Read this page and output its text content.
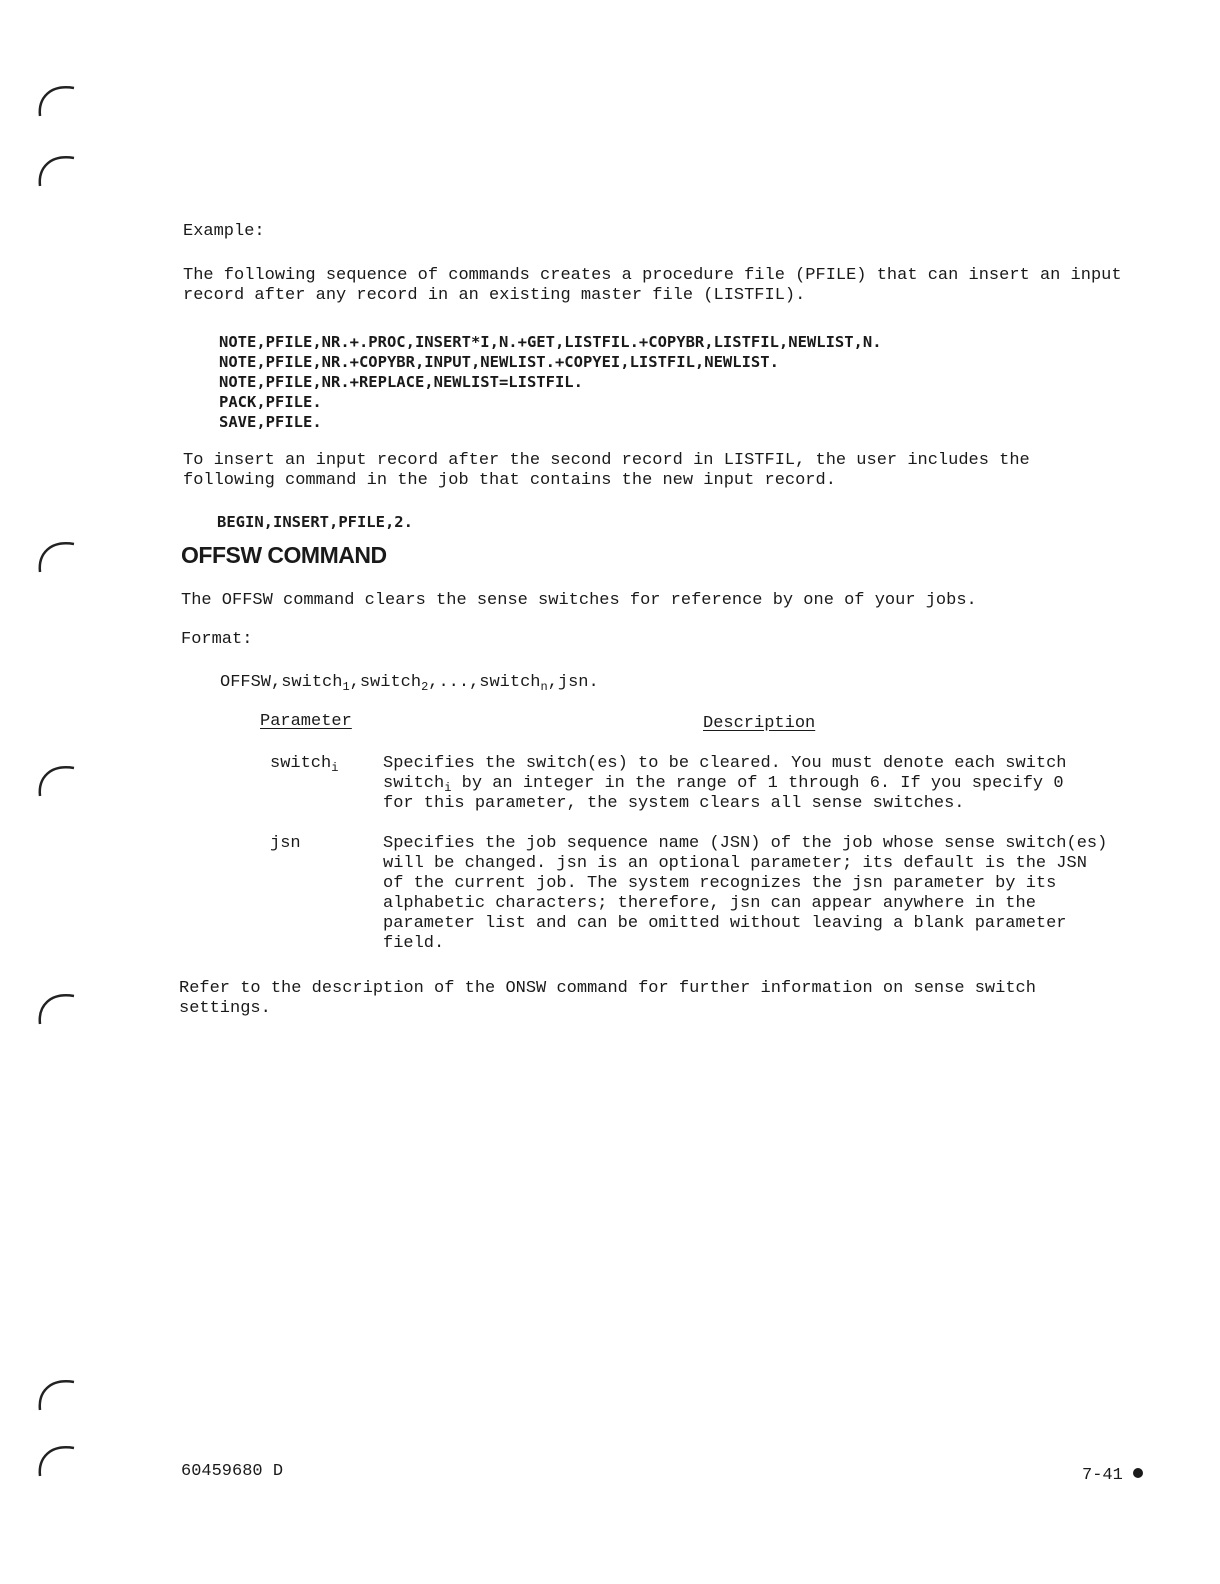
Example:
The following sequence of commands creates a procedure file (PFILE) that can insert an input
record after any record in an existing master file (LISTFIL).
NOTE,PFILE,NR.+.PROC,INSERT*I,N.+GET,LISTFIL.+COPYBR,LISTFIL,NEWLIST,N.
NOTE,PFILE,NR.+COPYBR,INPUT,NEWLIST.+COPYEI,LISTFIL,NEWLIST.
NOTE,PFILE,NR.+REPLACE,NEWLIST=LISTFIL.
PACK,PFILE.
SAVE,PFILE.
To insert an input record after the second record in LISTFIL, the user includes the
following command in the job that contains the new input record.
BEGIN,INSERT,PFILE,2.
OFFSW COMMAND
The OFFSW command clears the sense switches for reference by one of your jobs.
Format:
OFFSW,switch$_1$,switch$_2$,...,switch$_n$,jsn.
Parameter	Description
switch$_i$	Specifies the switch(es) to be cleared. You must denote each switch
switch$_i$ by an integer in the range of 1 through 6. If you specify 0
for this parameter, the system clears all sense switches.
jsn	Specifies the job sequence name (JSN) of the job whose sense switch(es)
will be changed. jsn is an optional parameter; its default is the JSN
of the current job. The system recognizes the jsn parameter by its
alphabetic characters; therefore, jsn can appear anywhere in the
parameter list and can be omitted without leaving a blank parameter
field.
Refer to the description of the ONSW command for further information on sense switch
settings.
60459680 D	7-41
